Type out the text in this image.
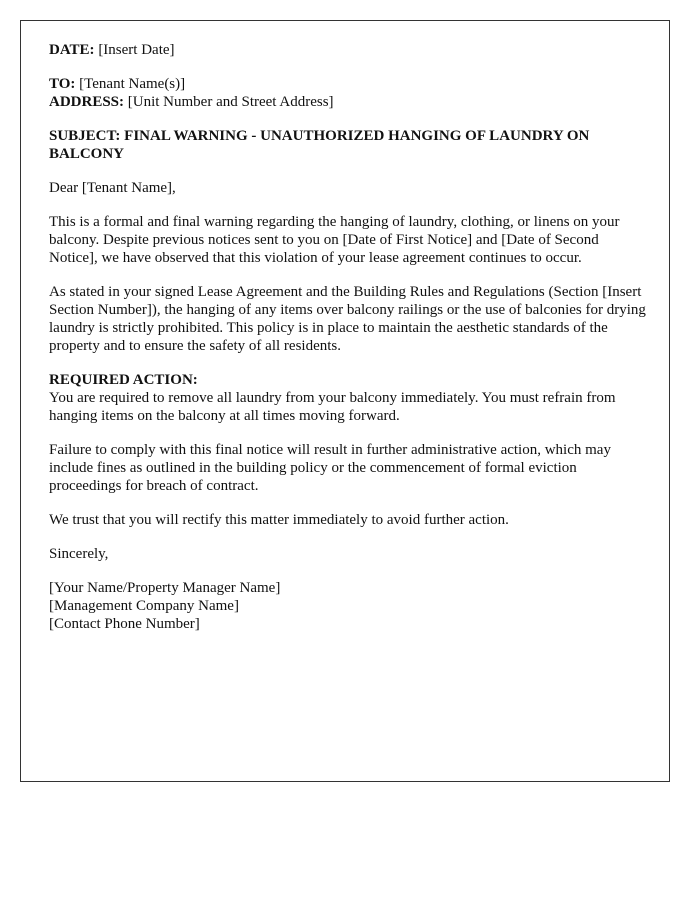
DATE: [Insert Date]

TO: [Tenant Name(s)]
ADDRESS: [Unit Number and Street Address]

SUBJECT: FINAL WARNING - UNAUTHORIZED HANGING OF LAUNDRY ON BALCONY

Dear [Tenant Name],

This is a formal and final warning regarding the hanging of laundry, clothing, or linens on your balcony. Despite previous notices sent to you on [Date of First Notice] and [Date of Second Notice], we have observed that this violation of your lease agreement continues to occur.

As stated in your signed Lease Agreement and the Building Rules and Regulations (Section [Insert Section Number]), the hanging of any items over balcony railings or the use of balconies for drying laundry is strictly prohibited. This policy is in place to maintain the aesthetic standards of the property and to ensure the safety of all residents.

REQUIRED ACTION:
You are required to remove all laundry from your balcony immediately. You must refrain from hanging items on the balcony at all times moving forward.

Failure to comply with this final notice will result in further administrative action, which may include fines as outlined in the building policy or the commencement of formal eviction proceedings for breach of contract.

We trust that you will rectify this matter immediately to avoid further action.

Sincerely,

[Your Name/Property Manager Name]
[Management Company Name]
[Contact Phone Number]
